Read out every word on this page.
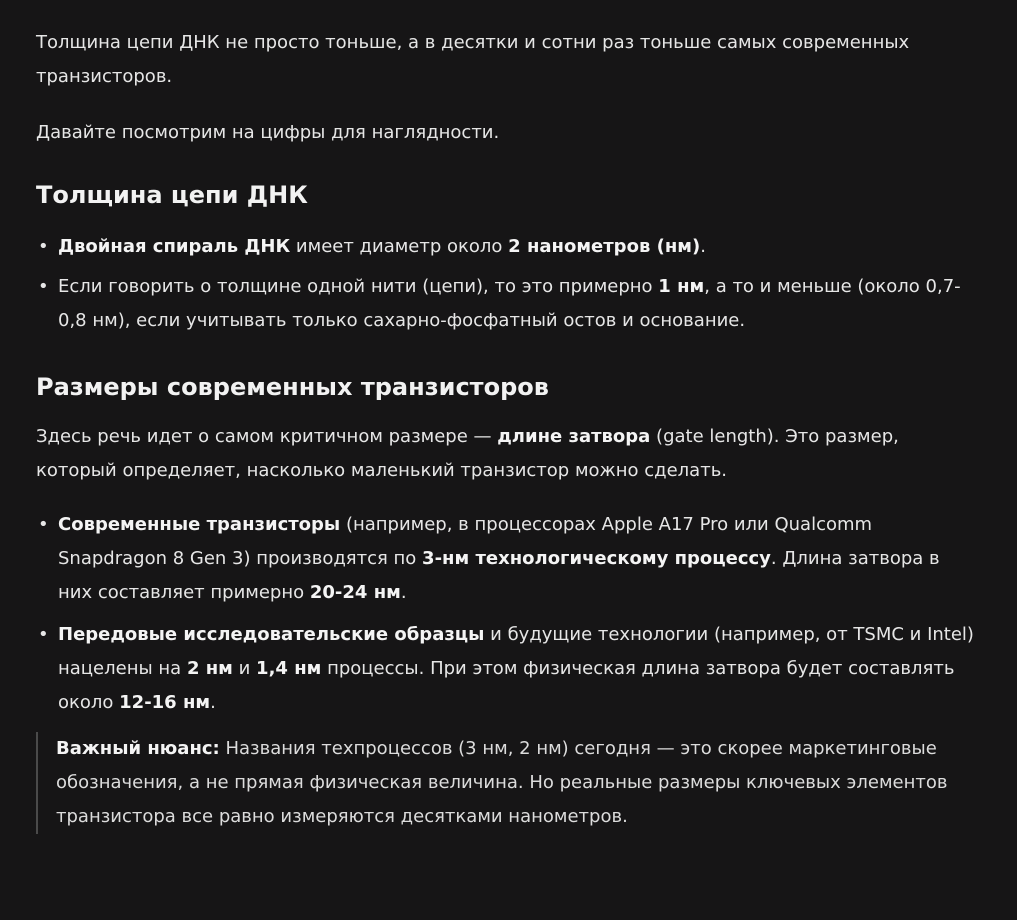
Толщина цепи ДНК не просто тоньше, а в десятки и сотни раз тоньше самых современных транзисторов.

Давайте посмотрим на цифры для наглядности.

Толщина цепи ДНК
• Двойная спираль ДНК имеет диаметр около 2 нанометров (нм).
• Если говорить о толщине одной нити (цепи), то это примерно 1 нм, а то и меньше (около 0,7-0,8 нм), если учитывать только сахарно-фосфатный остов и основание.
Размеры современных транзисторов

Здесь речь идет о самом критичном размере — длине затвора (gate length). Это размер, который определяет, насколько маленький транзистор можно сделать.

• Современные транзисторы (например, в процессорах Apple A17 Pro или Qualcomm Snapdragon 8 Gen 3) производятся по 3-нм технологическому процессу. Длина затвора в них составляет примерно 20-24 нм.
• Передовые исследовательские образцы и будущие технологии (например, от TSMC и Intel) нацелены на 2 нм и 1,4 нм процессы. При этом физическая длина затвора будет составлять около 12-16 нм.
Важный нюанс: Названия техпроцессов (3 нм, 2 нм) сегодня — это скорее маркетинговые обозначения, а не прямая физическая величина. Но реальные размеры ключевых элементов транзистора все равно измеряются десятками нанометров.
